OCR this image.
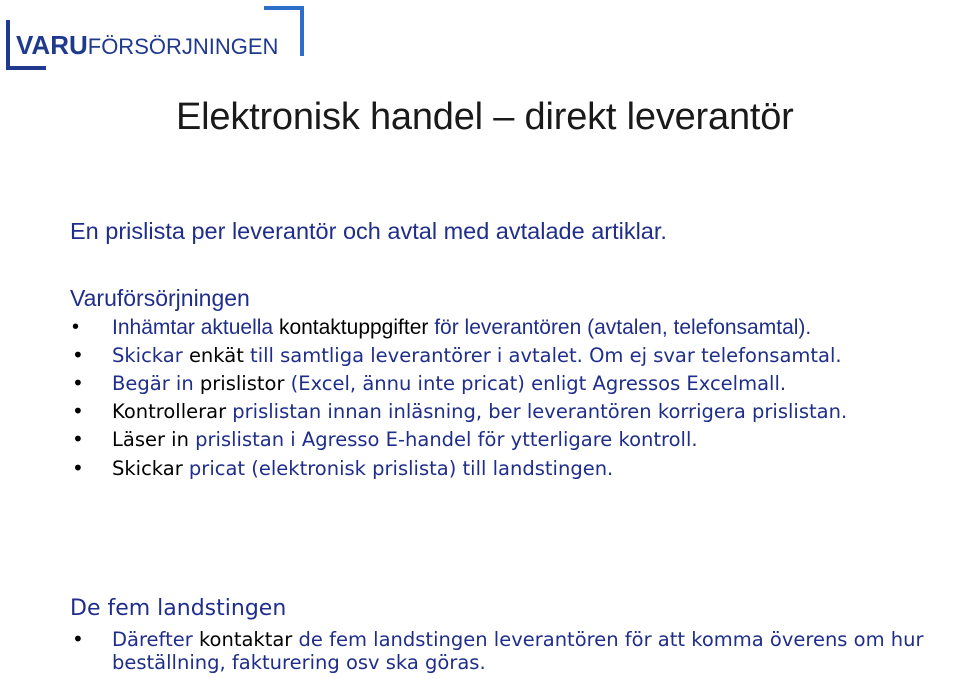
VARUFÖRSÖRJNINGEN
Elektronisk handel – direkt leverantör

En prislista per leverantör och avtal med avtalade artiklar.

Varuförsörjningen
• Inhämtar aktuella kontaktuppgifter för leverantören (avtalen, telefonsamtal).
• Skickar enkät till samtliga leverantörer i avtalet. Om ej svar telefonsamtal.
• Begär in prislistor (Excel, ännu inte pricat) enligt Agressos Excelmall.
• Kontrollerar prislistan innan inläsning, ber leverantören korrigera prislistan.
• Läser in prislistan i Agresso E-handel för ytterligare kontroll.
• Skickar pricat (elektronisk prislista) till landstingen.
De fem landstingen
• Därefter kontaktar de fem landstingen leverantören för att komma överens om hur beställning, fakturering osv ska göras.
